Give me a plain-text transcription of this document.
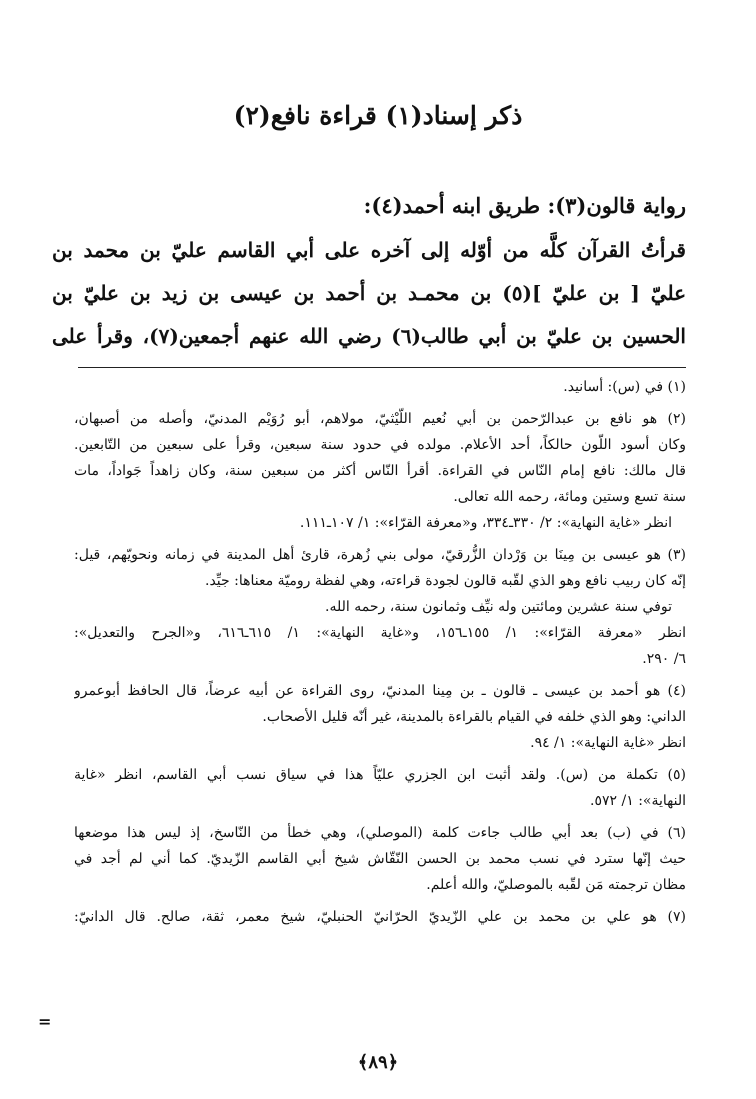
ذكر إسناد(١) قراءة نافع(٢)
رواية قالون(٣): طريق ابنه أحمد(٤):
قرأتُ القرآن كلَّه من أوّله إلى آخره على أبي القاسم عليّ بن محمد بن
عليّ [ بن عليّ ](٥) بن محمـد بن أحمد بن عيسى بن زيد بن عليّ بن
الحسين بن عليّ بن أبي طالب(٦) رضي الله عنهم أجمعين(٧)، وقرأ على
(١) في (س): أسانيد.
(٢) هو نافع بن عبدالرّحمن بن أبي نُعيم اللّيْثيّ، مولاهم، أبو رُوَيْم المدنيّ، وأصله من أصبهان،
وكان أسود اللّون حالكاً، أحد الأعلام. مولده في حدود سنة سبعين، وقرأ على سبعين من التّابعين.
قال مالك: نافع إمام النّاس في القراءة. أقرأ النّاس أكثر من سبعين سنة، وكان زاهداً جَواداً، مات
سنة تسع وستين ومائة، رحمه الله تعالى.
انظر «غاية النهاية»: ٢/ ٣٣٠ـ٣٣٤، و«معرفة القرّاء»: ١/ ١٠٧ـ١١١.
(٣) هو عيسى بن مِينَا بن وَرْدان الزُّرقيّ، مولى بني زُهرة، قارئ أهل المدينة في زمانه ونحويّهم، قيل:
إنّه كان ربيب نافع وهو الذي لقّبه قالون لجودة قراءته، وهي لفظة روميّة معناها: جيِّد.
توفي سنة عشرين ومائتين وله نيِّف وثمانون سنة، رحمه الله.
انظر «معرفة القرّاء»: ١/ ١٥٥ـ١٥٦، و«غاية النهاية»: ١/ ٦١٥ـ٦١٦، و«الجرح والتعديل»:
٦/ ٢٩٠.
(٤) هو أحمد بن عيسى ـ قالون ـ بن مِينا المدنيّ، روى القراءة عن أبيه عرضاً، قال الحافظ أبوعمرو
الداني: وهو الذي خلفه في القيام بالقراءة بالمدينة، غير أنّه قليل الأصحاب.
انظر «غاية النهاية»: ١/ ٩٤.
(٥) تكملة من (س). ولقد أثبت ابن الجزري عليّاً هذا في سياق نسب أبي القاسم، انظر «غاية
النهاية»: ١/ ٥٧٢.
(٦) في (ب) بعد أبي طالب جاءت كلمة (الموصلي)، وهي خطأ من النّاسخ، إذ ليس هذا موضعها
حيث إنّها سترد في نسب محمد بن الحسن النّقّاش شيخ أبي القاسم الزّيديّ. كما أني لم أجد في
مظان ترجمته مَن لقّبه بالموصليّ، والله أعلم.
(٧) هو علي بن محمد بن علي الزّيديّ الحرّانيّ الحنبليّ، شيخ معمر، ثقة، صالح. قال الدانيّ:
=
﴿٨٩﴾
